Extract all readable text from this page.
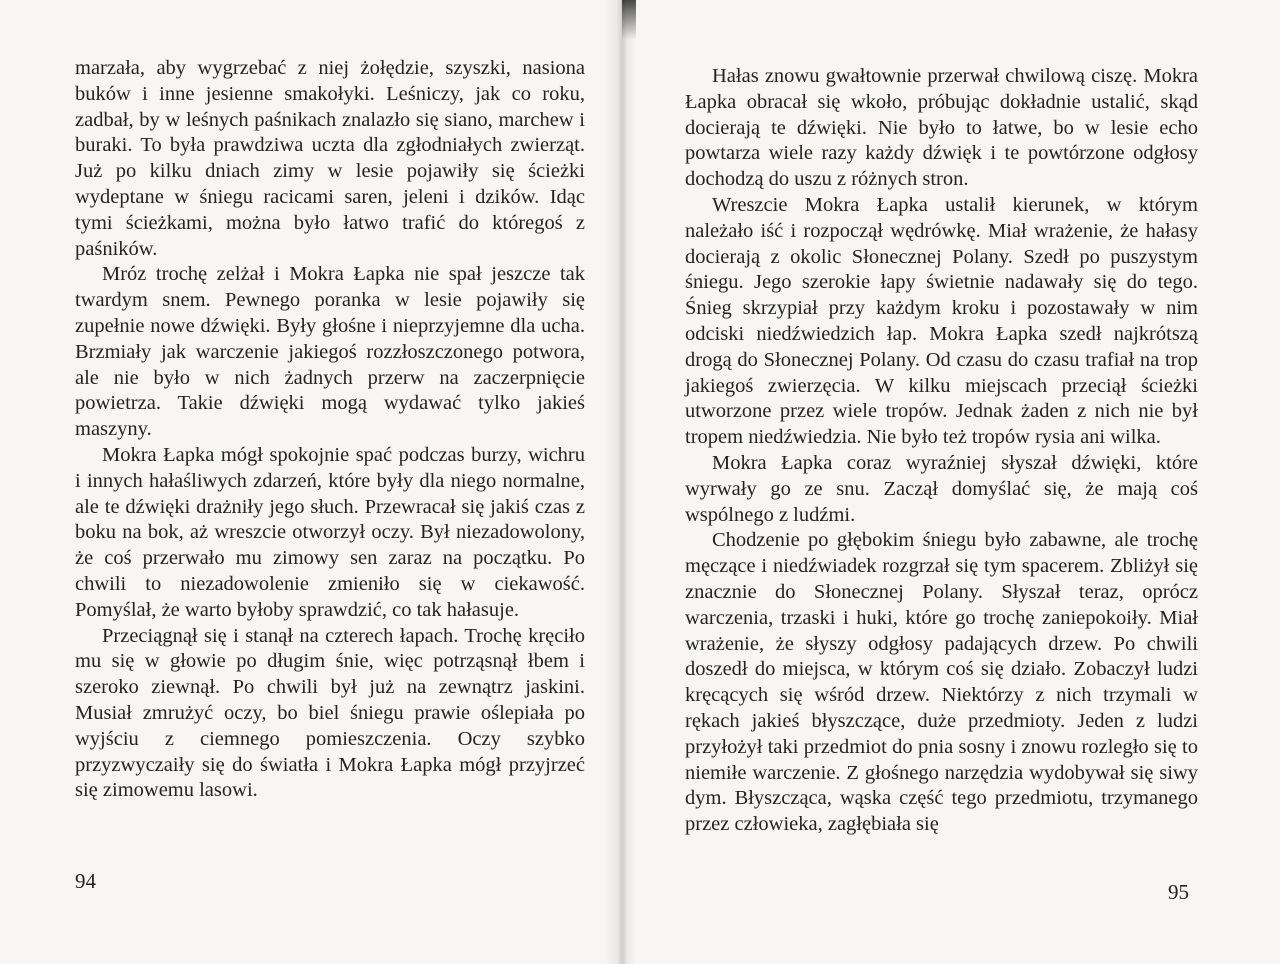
marzała, aby wygrzebać z niej żołędzie, szyszki, nasiona buków i inne jesienne smakołyki. Leśniczy, jak co roku, zadbał, by w leśnych paśnikach znalazło się siano, marchew i buraki. To była prawdziwa uczta dla zgłodniałych zwierząt. Już po kilku dniach zimy w lesie pojawiły się ścieżki wydeptane w śniegu racicami saren, jeleni i dzików. Idąc tymi ścieżkami, można było łatwo trafić do któregoś z paśników.

Mróz trochę zelżał i Mokra Łapka nie spał jeszcze tak twardym snem. Pewnego poranka w lesie pojawiły się zupełnie nowe dźwięki. Były głośne i nieprzyjemne dla ucha. Brzmiały jak warczenie jakiegoś rozzłoszczonego potwora, ale nie było w nich żadnych przerw na zaczerpnięcie powietrza. Takie dźwięki mogą wydawać tylko jakieś maszyny.

Mokra Łapka mógł spokojnie spać podczas burzy, wichru i innych hałaśliwych zdarzeń, które były dla niego normalne, ale te dźwięki drażniły jego słuch. Przewracał się jakiś czas z boku na bok, aż wreszcie otworzył oczy. Był niezadowolony, że coś przerwało mu zimowy sen zaraz na początku. Po chwili to niezadowolenie zmieniło się w ciekawość. Pomyślał, że warto byłoby sprawdzić, co tak hałasuje.

Przeciągnął się i stanął na czterech łapach. Trochę kręciło mu się w głowie po długim śnie, więc potrząsnął łbem i szeroko ziewnął. Po chwili był już na zewnątrz jaskini. Musiał zmrużyć oczy, bo biel śniegu prawie oślepiała po wyjściu z ciemnego pomieszczenia. Oczy szybko przyzwyczaiły się do światła i Mokra Łapka mógł przyjrzeć się zimowemu lasowi.

94

Hałas znowu gwałtownie przerwał chwilową ciszę. Mokra Łapka obracał się wkoło, próbując dokładnie ustalić, skąd docierają te dźwięki. Nie było to łatwe, bo w lesie echo powtarza wiele razy każdy dźwięk i te powtórzone odgłosy dochodzą do uszu z różnych stron.

Wreszcie Mokra Łapka ustalił kierunek, w którym należało iść i rozpoczął wędrówkę. Miał wrażenie, że hałasy docierają z okolic Słonecznej Polany. Szedł po puszystym śniegu. Jego szerokie łapy świetnie nadawały się do tego. Śnieg skrzypiał przy każdym kroku i pozostawały w nim odciski niedźwiedzich łap. Mokra Łapka szedł najkrótszą drogą do Słonecznej Polany. Od czasu do czasu trafiał na trop jakiegoś zwierzęcia. W kilku miejscach przeciął ścieżki utworzone przez wiele tropów. Jednak żaden z nich nie był tropem niedźwiedzia. Nie było też tropów rysia ani wilka.

Mokra Łapka coraz wyraźniej słyszał dźwięki, które wyrwały go ze snu. Zaczął domyślać się, że mają coś wspólnego z ludźmi.

Chodzenie po głębokim śniegu było zabawne, ale trochę męczące i niedźwiadek rozgrzał się tym spacerem. Zbliżył się znacznie do Słonecznej Polany. Słyszał teraz, oprócz warczenia, trzaski i huki, które go trochę zaniepokoiły. Miał wrażenie, że słyszy odgłosy padających drzew. Po chwili doszedł do miejsca, w którym coś się działo. Zobaczył ludzi kręcących się wśród drzew. Niektórzy z nich trzymali w rękach jakieś błyszczące, duże przedmioty. Jeden z ludzi przyłożył taki przedmiot do pnia sosny i znowu rozległo się to niemiłe warczenie. Z głośnego narzędzia wydobywał się siwy dym. Błyszcząca, wąska część tego przedmiotu, trzymanego przez człowieka, zagłębiała się

95
